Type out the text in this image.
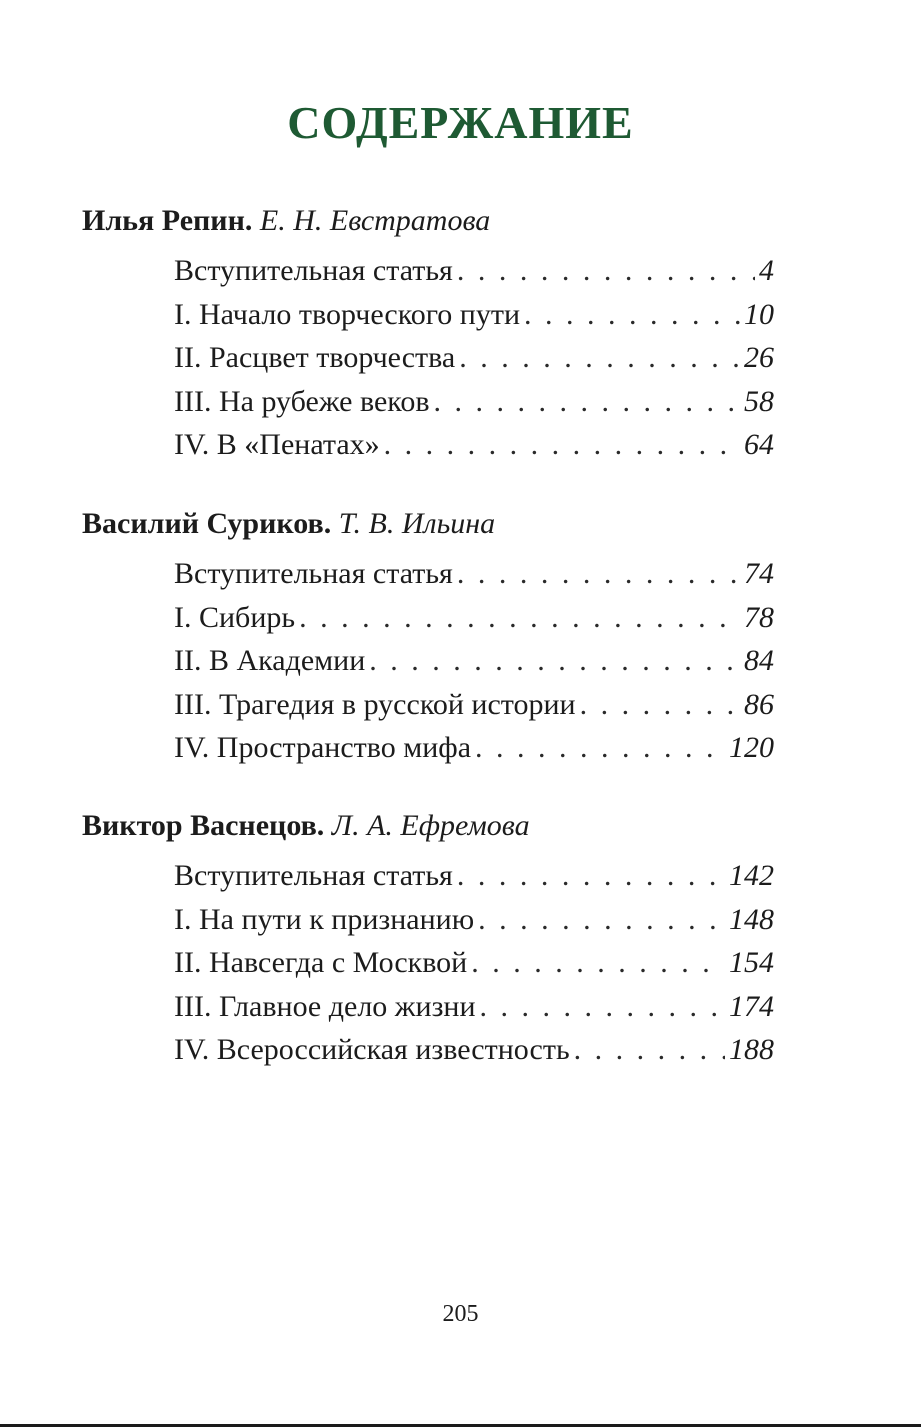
СОДЕРЖАНИЕ
Илья Репин. Е. Н. Евстратова
Вступительная статья . . .	4
I. Начало творческого пути . . .	10
II. Расцвет творчества . . .	26
III. На рубеже веков . . .	58
IV. В «Пенатах» . . .	64
Василий Суриков. Т. В. Ильина
Вступительная статья . . .	74
I. Сибирь . . .	78
II. В Академии . . .	84
III. Трагедия в русской истории . . .	86
IV. Пространство мифа . . .	120
Виктор Васнецов. Л. А. Ефремова
Вступительная статья . . .	142
I. На пути к признанию . . .	148
II. Навсегда с Москвой . . .	154
III. Главное дело жизни . . .	174
IV. Всероссийская известность . . .	188
205
